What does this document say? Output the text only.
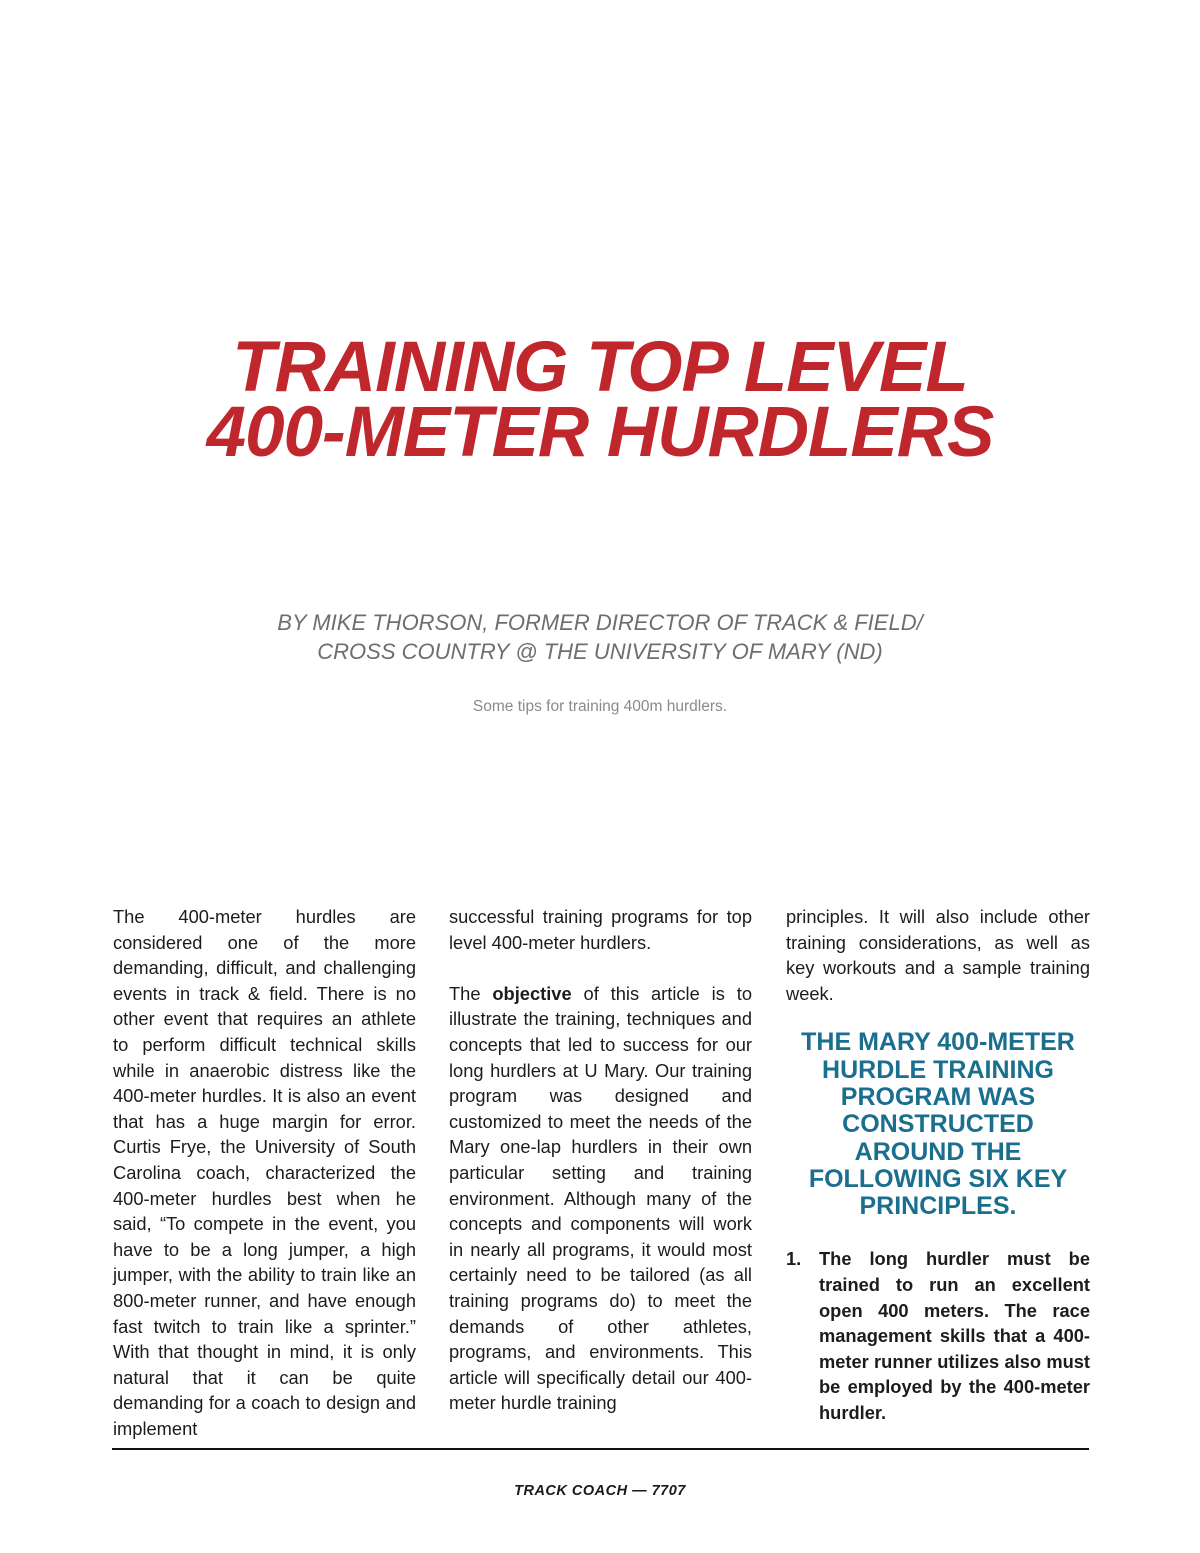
TRAINING TOP LEVEL
400-METER HURDLERS
BY MIKE THORSON, FORMER DIRECTOR OF TRACK & FIELD/
CROSS COUNTRY @ THE UNIVERSITY OF MARY (ND)
Some tips for training 400m hurdlers.

The 400-meter hurdles are considered one of the more demanding, difficult, and challenging events in track & field. There is no other event that requires an athlete to perform difficult technical skills while in anaerobic distress like the 400-meter hurdles. It is also an event that has a huge margin for error. Curtis Frye, the University of South Carolina coach, characterized the 400-meter hurdles best when he said, “To compete in the event, you have to be a long jumper, a high jumper, with the ability to train like an 800-meter runner, and have enough fast twitch to train like a sprinter.” With that thought in mind, it is only natural that it can be quite demanding for a coach to design and implement

successful training programs for top level 400-meter hurdlers.

The objective of this article is to illustrate the training, techniques and concepts that led to success for our long hurdlers at U Mary. Our training program was designed and customized to meet the needs of the Mary one-lap hurdlers in their own particular setting and training environment. Although many of the concepts and components will work in nearly all programs, it would most certainly need to be tailored (as all training programs do) to meet the demands of other athletes, programs, and environments. This article will specifically detail our 400-meter hurdle training

principles. It will also include other training considerations, as well as key workouts and a sample training week.

THE MARY 400-METER HURDLE TRAINING PROGRAM WAS CONSTRUCTED AROUND THE FOLLOWING SIX KEY PRINCIPLES.
1. The long hurdler must be trained to run an excellent open 400 meters. The race management skills that a 400-meter runner utilizes also must be employed by the 400-meter hurdler.
TRACK COACH — 7707
